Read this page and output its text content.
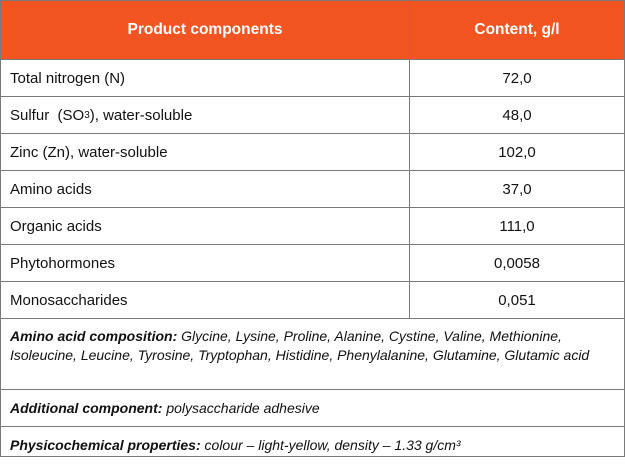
Product components	Content, g/l
Total nitrogen (N)	72,0
Sulfur  (SO 3 ), water-soluble	48,0
Zinc (Zn), water-soluble	102,0
Amino acids	37,0
Organic acids	111,0
Phytohormones	0,0058
Monosaccharides	0,051
Amino acid composition: Glycine, Lysine, Proline, Alanine, Cystine, Valine, Methionine, Isoleucine, Leucine, Tyrosine, Tryptophan, Histidine, Phenylalanine, Glutamine, Glutamic acid
Additional component: polysaccharide adhesive
Physicochemical properties: colour – light-yellow, density – 1.33 g/cm³
